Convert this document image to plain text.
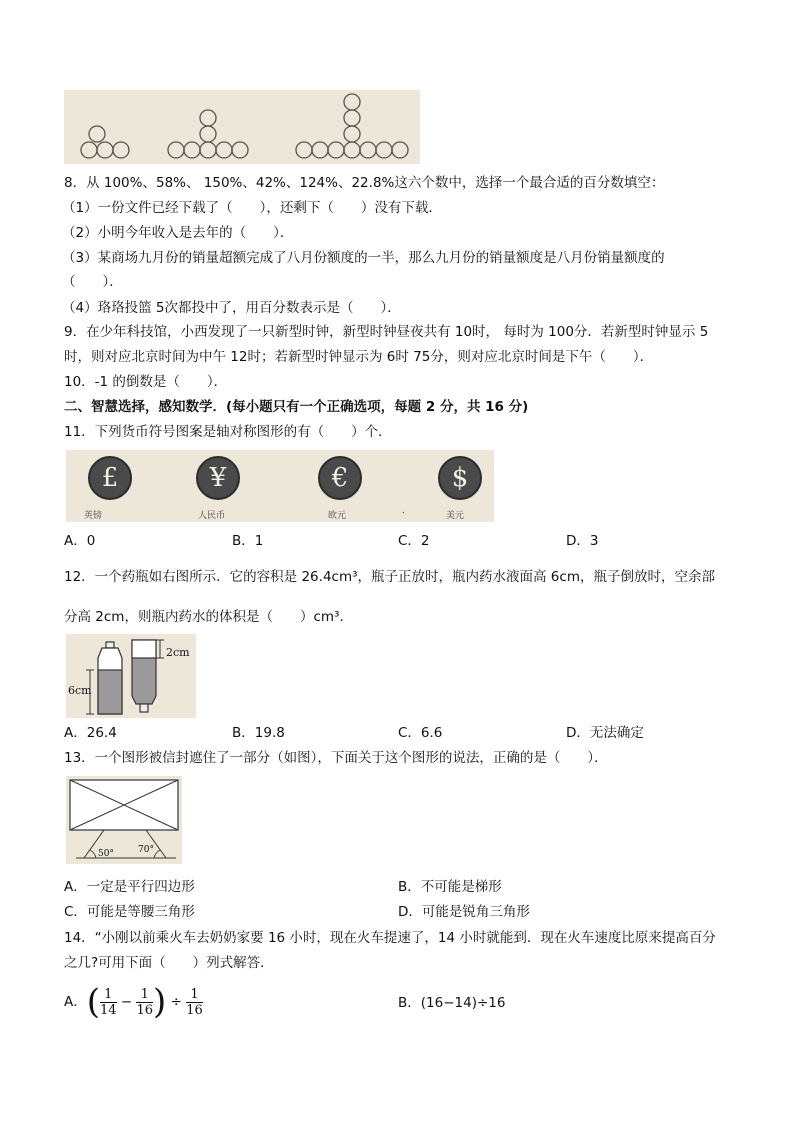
8．从 100%、58%、 150%、42%、124%、22.8%这六个数中，选择一个最合适的百分数填空：
（1）一份文件已经下载了（　　），还剩下（　　）没有下载．
（2）小明今年收入是去年的（　　）．
（3）某商场九月份的销量超额完成了八月份额度的一半，那么九月份的销量额度是八月份销量额度的
（　　）．
（4）珞珞投篮 5次都投中了，用百分数表示是（　　）．
9．在少年科技馆，小西发现了一只新型时钟，新型时钟昼夜共有 10时， 每时为 100分．若新型时钟显示 5
时，则对应北京时间为中午 12时；若新型时钟显示为 6时 75分，则对应北京时间是下午（　　）．
10．-1 的倒数是（　　）．
二、智慧选择，感知数学．(每小题只有一个正确选项，每题 2 分，共 16 分)
11．下列货币符号图案是轴对称图形的有（　　）个．
£
英镑
¥
人民币
€
欧元	.
$
美元
A．0	B．1	C．2	D．3
12．一个药瓶如右图所示．它的容积是 26.4cm³，瓶子正放时，瓶内药水液面高 6cm，瓶子倒放时，空余部
分高 2cm，则瓶内药水的体积是（　　）cm³．
2cm
6cm
A．26.4	B．19.8	C．6.6	D．无法确定
13．一个图形被信封遮住了一部分（如图），下面关于这个图形的说法，正确的是（　　）．
50°	70°
A．一定是平行四边形	B．不可能是梯形
C．可能是等腰三角形	D．可能是锐角三角形
14．“小刚以前乘火车去奶奶家要 16 小时，现在火车提速了，14 小时就能到．现在火车速度比原来提高百分
之几?可用下面（　　）列式解答．
A．( $\frac{1}{14} - \frac{1}{16}$ ) ÷ $\frac{1}{16}$	B．(16−14)÷16
